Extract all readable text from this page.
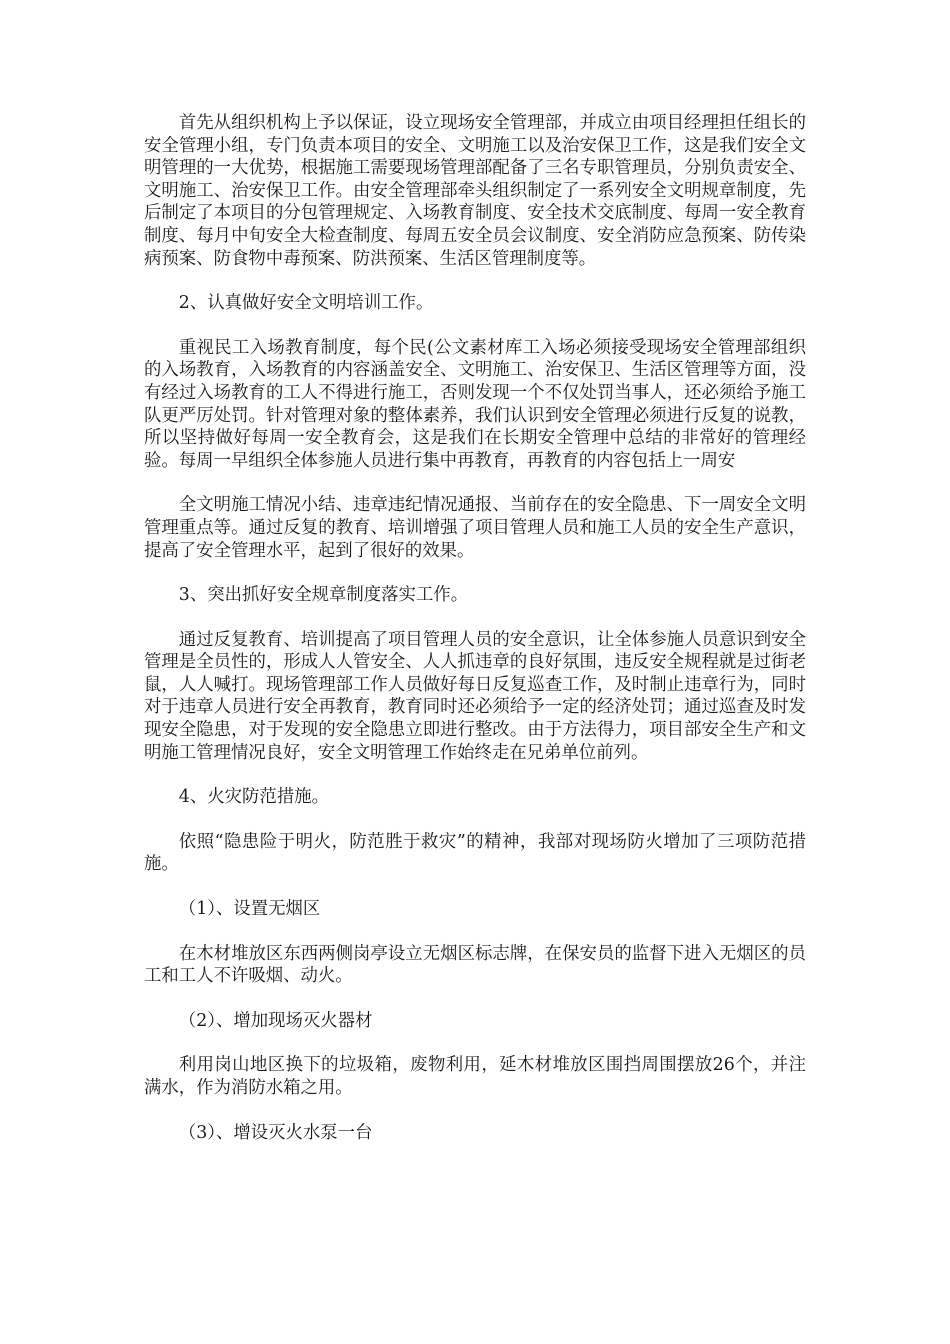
首先从组织机构上予以保证，设立现场安全管理部，并成立由项目经理担任组长的安全管理小组，专门负责本项目的安全、文明施工以及治安保卫工作，这是我们安全文明管理的一大优势，根据施工需要现场管理部配备了三名专职管理员，分别负责安全、文明施工、治安保卫工作。由安全管理部牵头组织制定了一系列安全文明规章制度，先后制定了本项目的分包管理规定、入场教育制度、安全技术交底制度、每周一安全教育制度、每月中旬安全大检查制度、每周五安全员会议制度、安全消防应急预案、防传染病预案、防食物中毒预案、防洪预案、生活区管理制度等。

2、认真做好安全文明培训工作。

重视民工入场教育制度，每个民(公文素材库工入场必须接受现场安全管理部组织的入场教育，入场教育的内容涵盖安全、文明施工、治安保卫、生活区管理等方面，没有经过入场教育的工人不得进行施工，否则发现一个不仅处罚当事人，还必须给予施工队更严厉处罚。针对管理对象的整体素养，我们认识到安全管理必须进行反复的说教，所以坚持做好每周一安全教育会，这是我们在长期安全管理中总结的非常好的管理经验。每周一早组织全体参施人员进行集中再教育，再教育的内容包括上一周安

全文明施工情况小结、违章违纪情况通报、当前存在的安全隐患、下一周安全文明管理重点等。通过反复的教育、培训增强了项目管理人员和施工人员的安全生产意识，提高了安全管理水平，起到了很好的效果。

3、突出抓好安全规章制度落实工作。

通过反复教育、培训提高了项目管理人员的安全意识，让全体参施人员意识到安全管理是全员性的，形成人人管安全、人人抓违章的良好氛围，违反安全规程就是过街老鼠，人人喊打。现场管理部工作人员做好每日反复巡查工作，及时制止违章行为，同时对于违章人员进行安全再教育，教育同时还必须给予一定的经济处罚；通过巡查及时发现安全隐患，对于发现的安全隐患立即进行整改。由于方法得力，项目部安全生产和文明施工管理情况良好，安全文明管理工作始终走在兄弟单位前列。

4、火灾防范措施。

依照“隐患险于明火，防范胜于救灾”的精神，我部对现场防火增加了三项防范措施。

（1）、设置无烟区

在木材堆放区东西两侧岗亭设立无烟区标志牌，在保安员的监督下进入无烟区的员工和工人不许吸烟、动火。

（2）、增加现场灭火器材

利用岗山地区换下的垃圾箱，废物利用，延木材堆放区围挡周围摆放26个，并注满水，作为消防水箱之用。

（3）、增设灭火水泵一台
